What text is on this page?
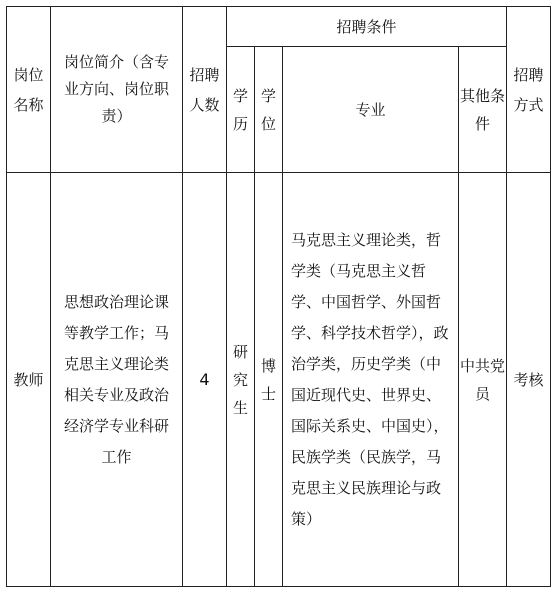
岗位名称	岗位简介（含专业方向、岗位职责）	招聘人数	招聘条件				招聘方式
			学历	学位	专业	其他条件	
教师	思想政治理论课等教学工作；马克思主义理论类相关专业及政治经济学专业科研工作	4	研究生	博士	马克思主义理论类，哲学类（马克思主义哲学、中国哲学、外国哲学、科学技术哲学），政治学类，历史学类（中国近现代史、世界史、国际关系史、中国史），民族学类（民族学，马克思主义民族理论与政策）	中共党员	考核
